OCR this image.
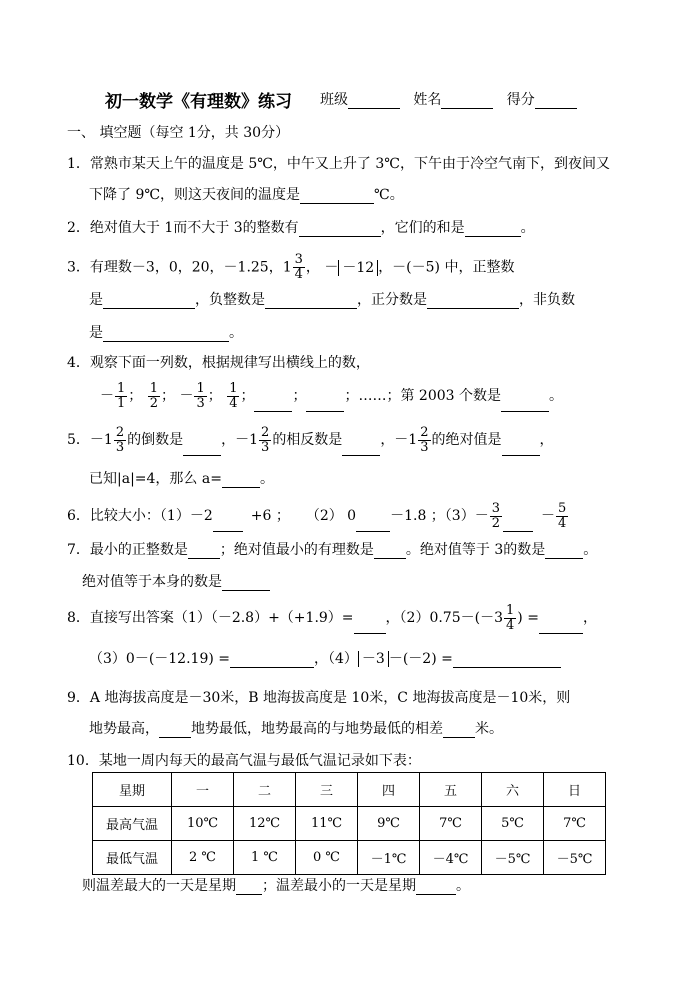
初一数学《有理数》练习 班级	姓名	得分
一、 填空题（每空 1分，共 30分）
1．常熟市某天上午的温度是 5℃，中午又上升了 3℃，下午由于冷空气南下，到夜间又
下降了 9℃，则这天夜间的温度是	℃。
2．绝对值大于 1而不大于 3的整数有	，它们的和是	。
3．有理数－3，0，20，－1.25，$1 \frac{3}{4}$ ， － －12 ，－(－5) 中，正整数
是	，负整数是	，正分数是	，非负数
是	。
4．观察下面一列数，根据规律写出横线上的数，
－ $\frac{1}{1}$ ； $\frac{1}{2}$ ； － $\frac{1}{3}$ ； $\frac{1}{4}$ ；	；	；……；第 2003 个数是	。
5．$-1 \frac{2}{3}$ 的倒数是	，$-1 \frac{2}{3}$ 的相反数是	，$-1 \frac{2}{3}$ 的绝对值是	，
已知|a|=4，那么 a=	。
6．比较大小：（1）－2	+6 ； （2） 0 －1.8 ；$(3)- \frac{3}{2}$	－ $\frac{5}{4}$
7．最小的正整数是 ；绝对值最小的有理数是 。绝对值等于 3的数是	。
绝对值等于本身的数是
8．直接写出答案（1）（－2.8）+（+1.9）= ，$(2)0.75-(-3 \frac{1}{4}$ ) =	，
（3）0－(－12.19) =	，（4） －3 －(－2) =
9．A 地海拔高度是－30米，B 地海拔高度是 10米，C 地海拔高度是－10米，则
地势最高， 地势最低，地势最高的与地势最低的相差 米。
10．某地一周内每天的最高气温与最低气温记录如下表：
星期	一	二	三	四	五	六	日
最高气温	10℃	12℃	11℃	9℃	7℃	5℃	7℃
最低气温	2 ℃	1 ℃	0 ℃	－1℃	－4℃	－5℃	－5℃
则温差最大的一天是星期 ；温差最小的一天是星期	。
